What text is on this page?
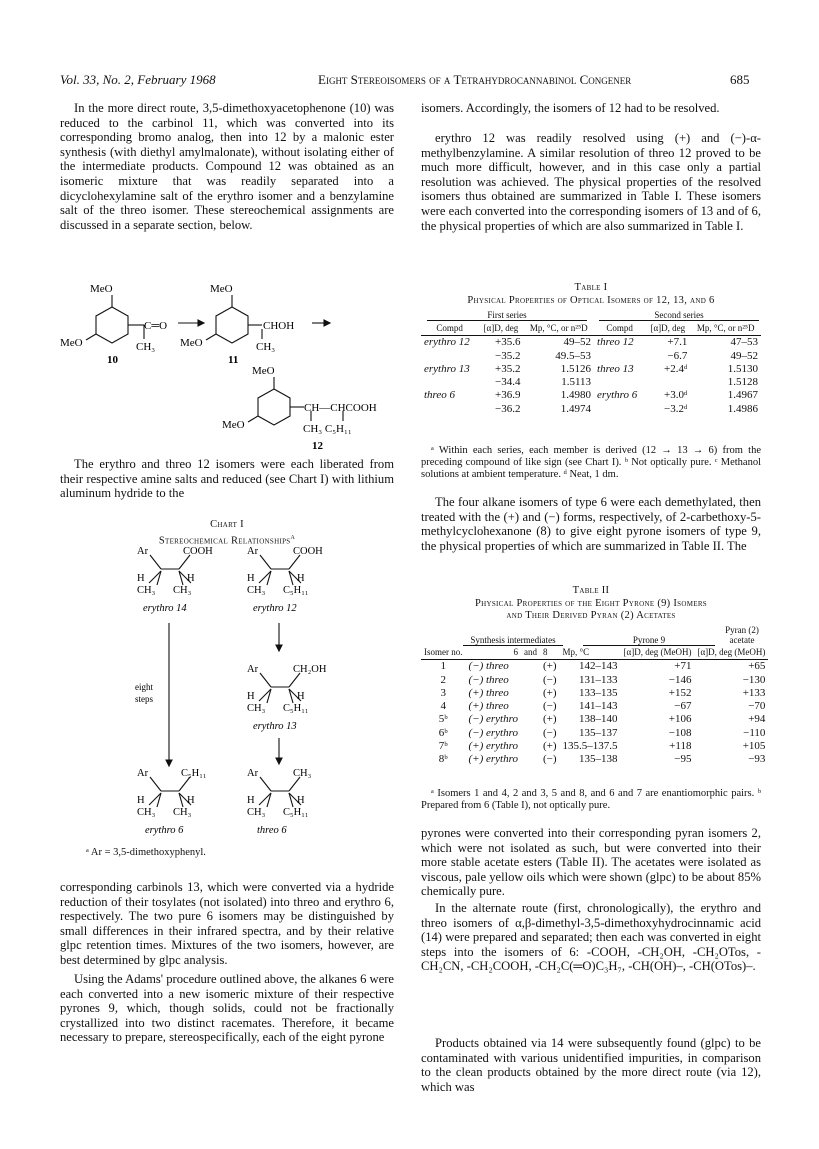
Vol. 33, No. 2, February 1968	Eight Stereoisomers of a Tetrahydrocannabinol Congener	685

In the more direct route, 3,5-dimethoxyacetophenone (10) was reduced to the carbinol 11, which was converted into its corresponding bromo analog, then into 12 by a malonic ester synthesis (with diethyl amylmalonate), without isolating either of the intermediate products. Compound 12 was obtained as an isomeric mixture that was readily separated into a dicyclohexylamine salt of the erythro isomer and a benzylamine salt of the threo isomer. These stereochemical assignments are discussed in a separate section, below.

MeO
MeO
C═O
CH₃
10
MeO
MeO
CHOH
CH₃
11
MeO
MeO
CH—CHCOOH
CH₃ C₅H₁₁
12

The erythro and threo 12 isomers were each liberated from their respective amine salts and reduced (see Chart I) with lithium aluminum hydride to the

Chart I
Stereochemical Relationships$^a$
Ar	COOH
H	H
CH₃ CH₃
erythro 14
Ar	COOH
H	H
CH₃ C₅H₁₁
erythro 12
Ar	CH₂OH
H	H
CH₃ C₅H₁₁
erythro 13
eight
steps
Ar	C₅H₁₁
H	H
CH₃ CH₃
erythro 6
Ar	CH₃
H	H
CH₃ C₅H₁₁
threo 6
ᵃ Ar = 3,5-dimethoxyphenyl.

corresponding carbinols 13, which were converted via a hydride reduction of their tosylates (not isolated) into threo and erythro 6, respectively. The two pure 6 isomers may be distinguished by small differences in their infrared spectra, and by their relative glpc retention times. Mixtures of the two isomers, however, are best determined by glpc analysis.

Using the Adams' procedure outlined above, the alkanes 6 were each converted into a new isomeric mixture of their respective pyrones 9, which, though solids, could not be fractionally crystallized into two distinct racemates. Therefore, it became necessary to prepare, stereospecifically, each of the eight pyrone

isomers. Accordingly, the isomers of 12 had to be resolved.

erythro 12 was readily resolved using (+) and (−)-α-methylbenzylamine. A similar resolution of threo 12 proved to be much more difficult, however, and in this case only a partial resolution was achieved. The physical properties of the resolved isomers thus obtained are summarized in Table I. These isomers were each converted into the corresponding isomers of 13 and of 6, the physical properties of which are also summarized in Table I.

Table I
Physical Properties of Optical Isomers of 12, 13, and 6
First series	Second series
Compd	[α]D, deg	Mp, °C, or n²⁵D	Compd	[α]D, deg	Mp, °C, or n²⁵D
erythro 12	+35.6	49–52	threo 12	+7.1	47–53
	−35.2	49.5–53		−6.7	49–52
erythro 13	+35.2	1.5126	threo 13	+2.4ᵈ	1.5130
	−34.4	1.5113			1.5128
threo 6	+36.9	1.4980	erythro 6	+3.0ᵈ	1.4967
	−36.2	1.4974		−3.2ᵈ	1.4986
ᵃ Within each series, each member is derived (12 → 13 → 6) from the preceding compound of like sign (see Chart I). ᵇ Not optically pure. ᶜ Methanol solutions at ambient temperature. ᵈ Neat, 1 dm.

The four alkane isomers of type 6 were each demethylated, then treated with the (+) and (−) forms, respectively, of 2-carbethoxy-5-methylcyclohexanone (8) to give eight pyrone isomers of type 9, the physical properties of which are summarized in Table II. The

Table II
Physical Properties of the Eight Pyrone (9) Isomers
and Their Derived Pyran (2) Acetates
Pyran (2) acetate
Synthesis intermediates	Pyrone 9
Isomer no.	6	and	8	Mp, °C	[α]D, deg (MeOH)	[α]D, deg (MeOH)
1	(−) threo		(+)	142–143	+71	+65
2	(−) threo		(−)	131–133	−146	−130
3	(+) threo		(+)	133–135	+152	+133
4	(+) threo		(−)	141–143	−67	−70
5ᵇ	(−) erythro		(+)	138–140	+106	+94
6ᵇ	(−) erythro		(−)	135–137	−108	−110
7ᵇ	(+) erythro		(+)	135.5–137.5	+118	+105
8ᵇ	(+) erythro		(−)	135–138	−95	−93
ᵃ Isomers 1 and 4, 2 and 3, 5 and 8, and 6 and 7 are enantiomorphic pairs. ᵇ Prepared from 6 (Table I), not optically pure.

pyrones were converted into their corresponding pyran isomers 2, which were not isolated as such, but were converted into their more stable acetate esters (Table II). The acetates were isolated as viscous, pale yellow oils which were shown (glpc) to be about 85% chemically pure.

In the alternate route (first, chronologically), the erythro and threo isomers of α,β-dimethyl-3,5-dimethoxyhydrocinnamic acid (14) were prepared and separated; then each was converted in eight steps into the isomers of 6: -COOH, -CH₂OH, -CH₂OTos, -CH₂CN, -CH₂COOH, -CH₂C(═O)C₃H₇, -CH(OH)–, -CH(OTos)–.

Products obtained via 14 were subsequently found (glpc) to be contaminated with various unidentified impurities, in comparison to the clean products obtained by the more direct route (via 12), which was
